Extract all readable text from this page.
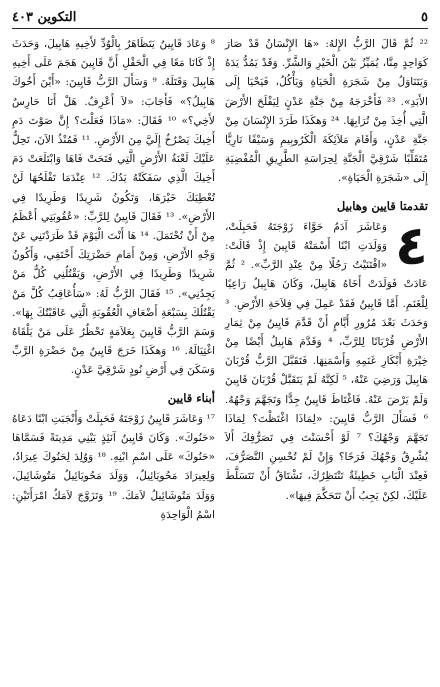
٥
التكوين ٤٠٣

²² ثُمَّ قَالَ الرَّبُّ الإِلهُ: «هَا الإِنْسَانُ قَدْ صَارَ كَوَاحِدٍ مِنَّا، يُمَيِّزُ بَيْنَ الْخَيْرِ وَالشَّرِّ. وَقَدْ يَمُدُّ يَدَهُ وَيَتَنَاوَلُ مِنْ شَجَرَةِ الْحَيَاةِ وَيَأْكُلُ، فَيَحْيَا إِلَى الأَبَدِ». ²³ فَأَخْرَجَهُ مِنْ جَنَّةِ عَدْنٍ لِيَفْلَحَ الأَرْضَ الَّتِي أُخِذَ مِنْ تُرَابِهَا. ²⁴ وَهكَذَا طَرَدَ الإِنْسَانَ مِنْ جَنَّةِ عَدْنٍ، وَأَقَامَ مَلاَئِكَةَ الْكَرُوبِيمِ وَسَيْفًا نَارِيًّا مُتَقَلِّبًا شَرْقِيَّ الْجَنَّةِ لِحِرَاسَةِ الطَّرِيقِ الْمُفْضِيَةِ إِلَى «شَجَرَةِ الْحَيَاةِ».

تقدمتا قايين وهابيل
٤

وَعَاشَرَ آدَمُ حَوَّاءَ زَوْجَتَهُ فَحَبِلَتْ، وَوَلَدَتِ ابْنًا أَسْمَتْهُ قَايِينَ إِذْ قَالَتْ: «اقْتَنَيْتُ رَجُلًا مِنْ عِنْدِ الرَّبِّ». ² ثُمَّ عَادَتْ فَوَلَدَتْ أَخَاهُ هَابِيلَ، وَكَانَ هَابِيلُ رَاعِيًا لِلْغَنَمِ. أَمَّا قَايِينُ فَقَدْ عَمِلَ فِي فِلاَحَةِ الأَرْضِ. ³ وَحَدَثَ بَعْدَ مُرُورِ أَيَّامٍ أَنْ قَدَّمَ قَايِينُ مِنْ ثِمَارِ الأَرْضِ قُرْبَانًا لِلرَّبِّ، ⁴ وَقَدَّمَ هَابِيلُ أَيْضًا مِنْ خِيْرَةِ أَبْكَارِ غَنَمِهِ وَأَسْمَنِهَا. فَتَقَبَّلَ الرَّبُّ قُرْبَانَ هَابِيلَ وَرَضِيَ عَنْهُ، ⁵ لَكِنَّهُ لَمْ يَتَقَبَّلْ قُرْبَانَ قَايِينَ وَلَمْ يَرْضَ عَنْهُ. فَاغْتَاظَ قَايِينُ جِدًّا وَتَجَهَّمَ وَجْهُهُ. ⁶ فَسَأَلَ الرَّبُّ قَايِينَ: «لِمَاذَا اغْتَظْتَ؟ لِمَاذَا تَجَهَّمَ وَجْهُكَ؟ ⁷ لَوْ أَحْسَنْتَ فِي تَصَرُّفِكَ أَلاَ يُشْرِقُ وَجْهُكَ فَرَحًا؟ وَإِنْ لَمْ تُحْسِنِ التَّصَرُّفَ، فَعِنْدَ الْبَابِ خَطِيئَةٌ تَنْتَظِرُكَ، تَشْتَاقُ أَنْ تَتَسَلَّطَ عَلَيْكَ، لكِنْ يَجِبُ أَنْ تَتَحَكَّمَ فِيهَا».

⁸ وَعَادَ قَايِينُ يَتَظَاهَرُ بِالْوُدِّ لأَخِيهِ هَابِيلَ، وَحَدَثَ إِذْ كَانَا مَعًا فِي الْحَقْلِ أَنَّ قَايِينَ هَجَمَ عَلَى أَخِيهِ هَابِيلَ وَقَتَلَهُ. ⁹ وَسَأَلَ الرَّبُّ قَايِينَ: «أَيْنَ أَخُوكَ هَابِيلُ؟» فَأَجَابَ: «لاَ أَعْرِفُ. هَلْ أَنَا حَارِسٌ لأَخِي؟» ¹⁰ فَقَالَ: «مَاذَا فَعَلْتَ؟ إِنَّ صَوْتَ دَمِ أَخِيكَ يَصْرُخُ إِلَيَّ مِنَ الأَرْضِ. ¹¹ فَمُنْذُ الآنَ، تَحِلُّ عَلَيْكَ لَعْنَةُ الأَرْضِ الَّتِي فَتَحَتْ فَاهَا وَابْتَلَعَتْ دَمَ أَخِيكَ الَّذِي سَفَكَتْهُ يَدُكَ. ¹² عِنْدَمَا تَفْلَحُهَا لَنْ تُعْطِيَكَ خَيْرَهَا، وَتَكُونُ شَرِيدًا وَطَرِيدًا فِي الأَرْضِ». ¹³ فَقَالَ قَايِينُ لِلرَّبِّ: «عُقُوبَتِي أَعْظَمُ مِنْ أَنْ تُحْتَمَلَ. ¹⁴ هَا أَنْتَ الْيَوْمَ قَدْ طَرَدْتَنِي عَنْ وَجْهِ الأَرْضِ، وَمِنْ أَمَامِ حَضْرَتِكَ أَخْتَفِي، وَأَكُونُ شَرِيدًا وَطَرِيدًا فِي الأَرْضِ، وَيَقْتُلُنِي كُلُّ مَنْ يَجِدُنِي». ¹⁵ فَقَالَ الرَّبُّ لَهُ: «سَأُعَاقِبُ كُلَّ مَنْ يَقْتُلُكَ بِسَبْعَةِ أَضْعَافِ الْعُقُوبَةِ الَّتِي عَاقَبْتُكَ بِهَا». وَسَمَ الرَّبُّ قَايِينَ بِعَلاَمَةٍ تَحْظُرُ عَلَى مَنْ يَلْقَاهُ اغْتِيَالَهُ. ¹⁶ وَهكَذَا خَرَجَ قَايِينُ مِنْ حَضْرَةِ الرَّبِّ وَسَكَنَ فِي أَرْضِ نُودٍ شَرْقِيَّ عَدْنٍ.

أبناء قايين

¹⁷ وَعَاشَرَ قَايِينُ زَوْجَتَهُ فَحَبِلَتْ وَأَنْجَبَتِ ابْنًا دَعَاهُ «حَنُوكَ». وَكَانَ قَايِينُ آنَئِذٍ يَبْنِي مَدِينَةً فَسَمَّاهَا «حَنُوكَ» عَلَى اسْمِ ابْنِهِ. ¹⁸ وَوُلِدَ لِحَنُوكَ عِيرَادُ، وَلِعِيرَادَ مَحُويَائِيلُ، وَوَلَدَ مَحُويَائِيلُ مَتُوشَائِيلَ، وَوَلَدَ مَتُوشَائِيلُ لاَمَكَ. ¹⁹ وَتَزَوَّجَ لاَمَكُ امْرَأَتَيْنِ: اسْمُ الْوَاحِدَةِ
